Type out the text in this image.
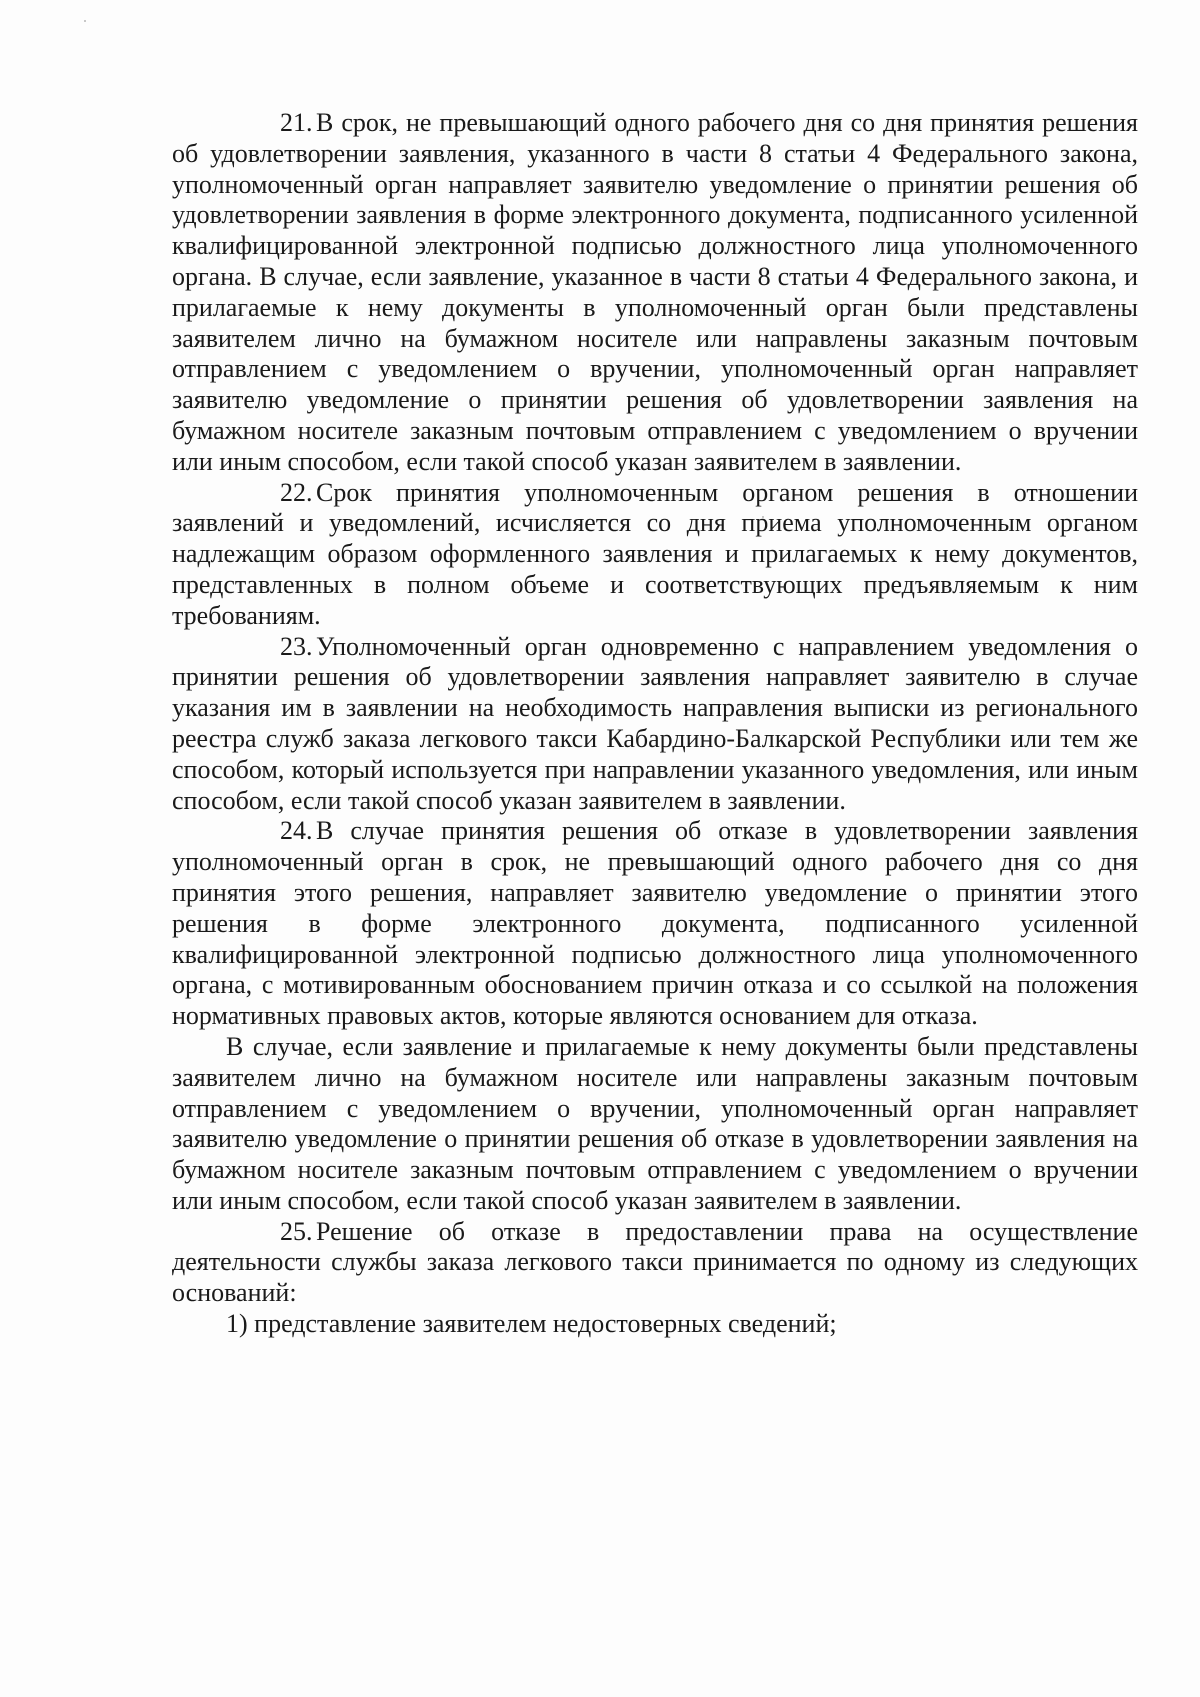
21. В срок, не превышающий одного рабочего дня со дня принятия решения об удовлетворении заявления, указанного в части 8 статьи 4 Федерального закона, уполномоченный орган направляет заявителю уведомление о принятии решения об удовлетворении заявления в форме электронного документа, подписанного усиленной квалифицированной электронной подписью должностного лица уполномоченного органа. В случае, если заявление, указанное в части 8 статьи 4 Федерального закона, и прилагаемые к нему документы в уполномоченный орган были представлены заявителем лично на бумажном носителе или направлены заказным почтовым отправлением с уведомлением о вручении, уполномоченный орган направляет заявителю уведомление о принятии решения об удовлетворении заявления на бумажном носителе заказным почтовым отправлением с уведомлением о вручении или иным способом, если такой способ указан заявителем в заявлении.

22. Срок принятия уполномоченным органом решения в отношении заявлений и уведомлений, исчисляется со дня приема уполномоченным органом надлежащим образом оформленного заявления и прилагаемых к нему документов, представленных в полном объеме и соответствующих предъявляемым к ним требованиям.

23. Уполномоченный орган одновременно с направлением уведомления о принятии решения об удовлетворении заявления направляет заявителю в случае указания им в заявлении на необходимость направления выписки из регионального реестра служб заказа легкового такси Кабардино-Балкарской Республики или тем же способом, который используется при направлении указанного уведомления, или иным способом, если такой способ указан заявителем в заявлении.

24. В случае принятия решения об отказе в удовлетворении заявления уполномоченный орган в срок, не превышающий одного рабочего дня со дня принятия этого решения, направляет заявителю уведомление о принятии этого решения в форме электронного документа, подписанного усиленной квалифицированной электронной подписью должностного лица уполномоченного органа, с мотивированным обоснованием причин отказа и со ссылкой на положения нормативных правовых актов, которые являются основанием для отказа.

В случае, если заявление и прилагаемые к нему документы были представлены заявителем лично на бумажном носителе или направлены заказным почтовым отправлением с уведомлением о вручении, уполномоченный орган направляет заявителю уведомление о принятии решения об отказе в удовлетворении заявления на бумажном носителе заказным почтовым отправлением с уведомлением о вручении или иным способом, если такой способ указан заявителем в заявлении.

25. Решение об отказе в предоставлении права на осуществление деятельности службы заказа легкового такси принимается по одному из следующих оснований:

1) представление заявителем недостоверных сведений;
